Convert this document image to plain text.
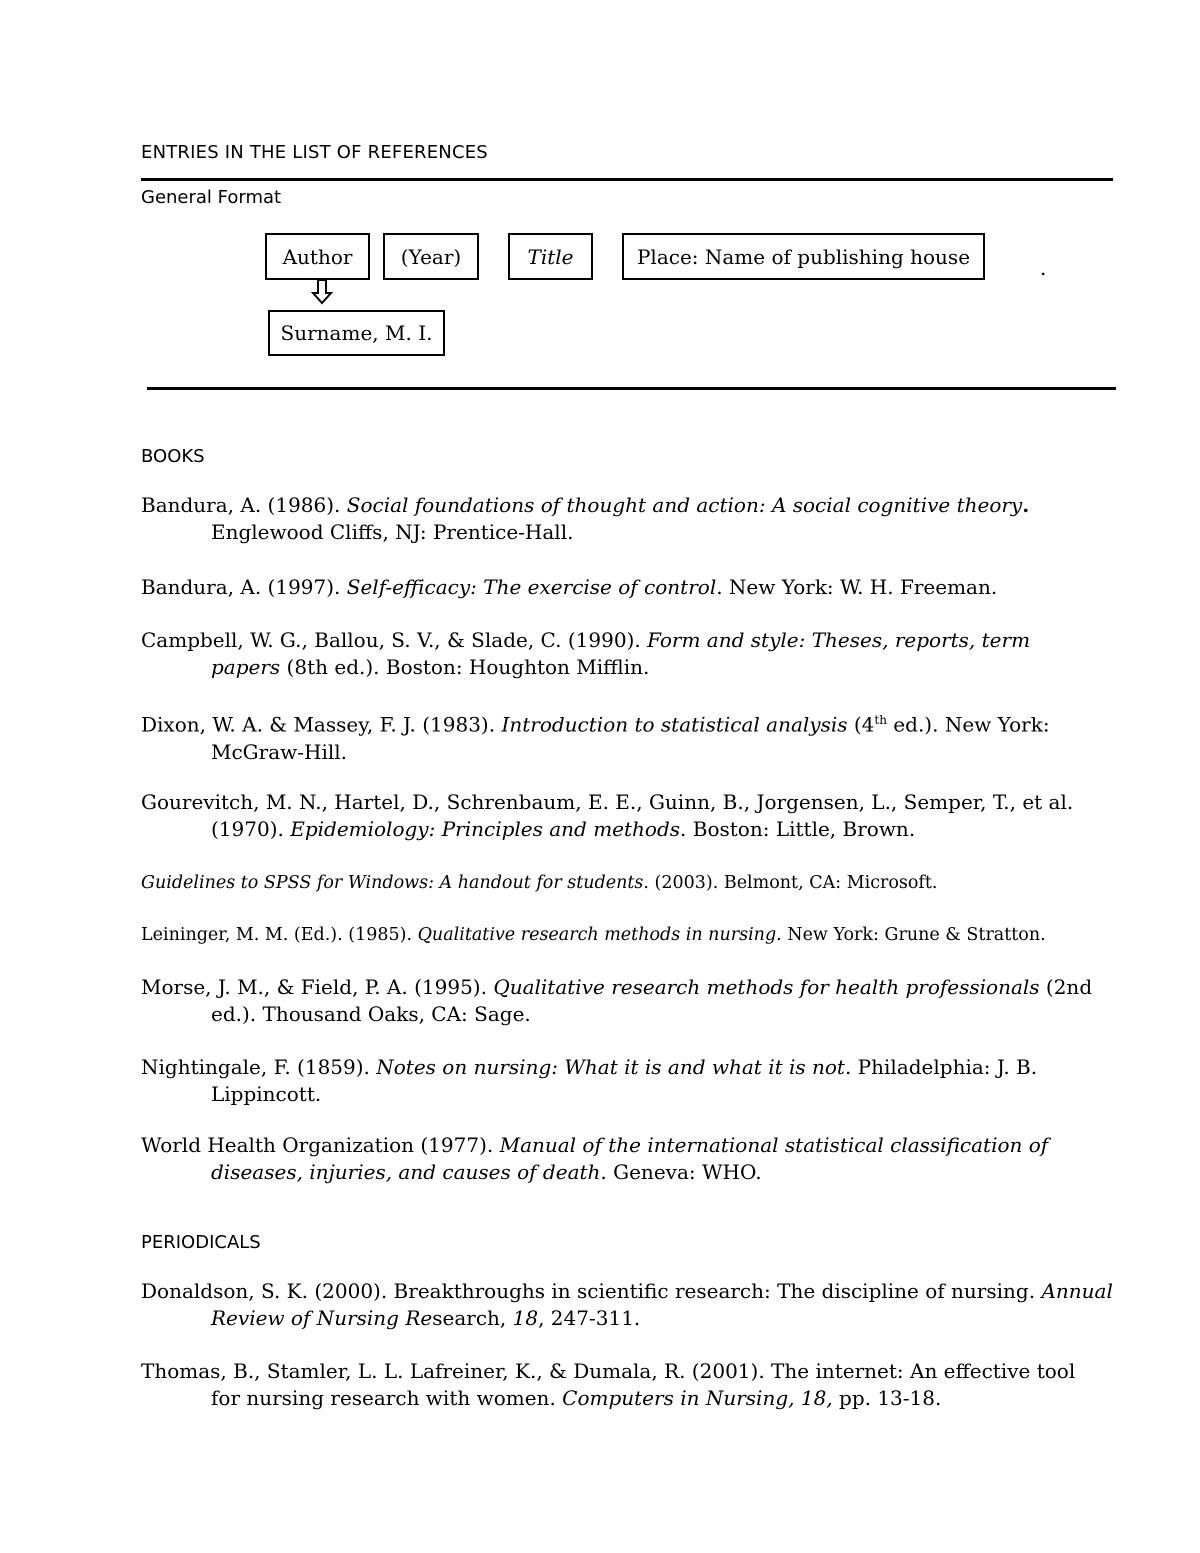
ENTRIES IN THE LIST OF REFERENCES
General Format
Author	(Year)	Title	Place: Name of publishing house	.
Surname, M. I.
BOOKS
Bandura, A. (1986). Social foundations of thought and action: A social cognitive theory.
Englewood Cliffs, NJ: Prentice-Hall.
Bandura, A. (1997). Self-efficacy: The exercise of control. New York: W. H. Freeman.
Campbell, W. G., Ballou, S. V., & Slade, C. (1990). Form and style: Theses, reports, term
papers (8th ed.). Boston: Houghton Mifflin.
Dixon, W. A. & Massey, F. J. (1983). Introduction to statistical analysis (4th ed.). New York:
McGraw-Hill.
Gourevitch, M. N., Hartel, D., Schrenbaum, E. E., Guinn, B., Jorgensen, L., Semper, T., et al.
(1970). Epidemiology: Principles and methods. Boston: Little, Brown.
Guidelines to SPSS for Windows: A handout for students. (2003). Belmont, CA: Microsoft.
Leininger, M. M. (Ed.). (1985). Qualitative research methods in nursing. New York: Grune & Stratton.
Morse, J. M., & Field, P. A. (1995). Qualitative research methods for health professionals (2nd
ed.). Thousand Oaks, CA: Sage.
Nightingale, F. (1859). Notes on nursing: What it is and what it is not. Philadelphia: J. B.
Lippincott.
World Health Organization (1977). Manual of the international statistical classification of
diseases, injuries, and causes of death. Geneva: WHO.
PERIODICALS
Donaldson, S. K. (2000). Breakthroughs in scientific research: The discipline of nursing. Annual
Review of Nursing Research, 18, 247-311.
Thomas, B., Stamler, L. L. Lafreiner, K., & Dumala, R. (2001). The internet: An effective tool
for nursing research with women. Computers in Nursing, 18, pp. 13-18.
